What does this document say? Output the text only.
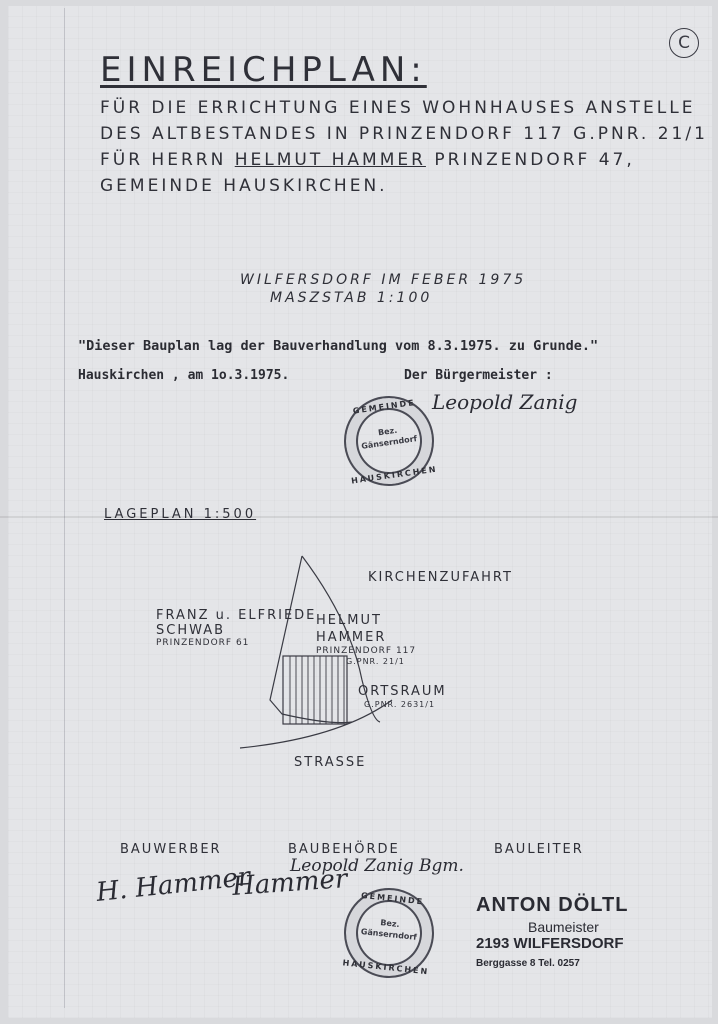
C
EINREICHPLAN:
FÜR DIE ERRICHTUNG EINES WOHNHAUSES ANSTELLE
DES ALTBESTANDES IN PRINZENDORF 117 G.PNR. 21/1
FÜR HERRN HELMUT HAMMER PRINZENDORF 47,
GEMEINDE HAUSKIRCHEN.
WILFERSDORF IM FEBER 1975
MASZSTAB 1:100
"Dieser Bauplan lag der Bauverhandlung vom 8.3.1975. zu Grunde."
Hauskirchen , am 1o.3.1975.	Der Bürgermeister :
Leopold Zanig
GEMEINDE
Bez.
Gänserndorf
HAUSKIRCHEN
LAGEPLAN 1:500
KIRCHENZUFAHRT
FRANZ u. ELFRIEDE
SCHWAB
PRINZENDORF 61
HELMUT
HAMMER
PRINZENDORF 117
G.PNR. 21/1
ORTSRAUM
G.PNR. 2631/1
STRASSE
BAUWERBER	BAUBEHÖRDE	BAULEITER
H. Hammer
Hammer
Leopold Zanig Bgm.
GEMEINDE
Bez.
Gänserndorf
HAUSKIRCHEN
ANTON DÖLTL
Baumeister
2193 WILFERSDORF
Berggasse 8 Tel. 0257
